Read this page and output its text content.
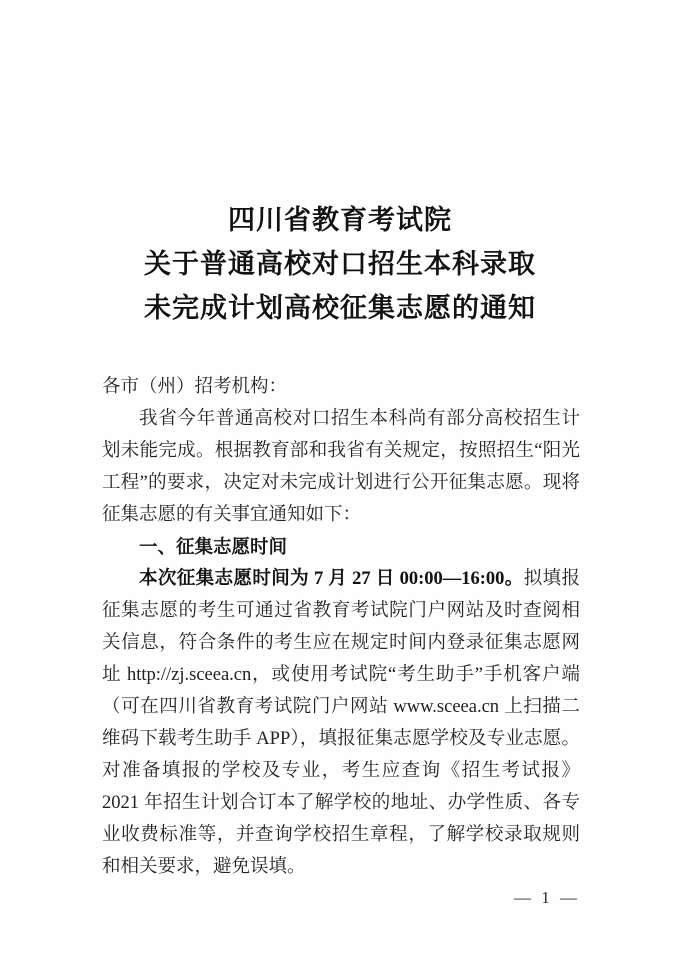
四川省教育考试院
关于普通高校对口招生本科录取
未完成计划高校征集志愿的通知

各市（州）招考机构：

我省今年普通高校对口招生本科尚有部分高校招生计划未能完成。根据教育部和我省有关规定，按照招生“阳光工程”的要求，决定对未完成计划进行公开征集志愿。现将征集志愿的有关事宜通知如下：

一、征集志愿时间

本次征集志愿时间为 7 月 27 日 00:00—16:00。拟填报征集志愿的考生可通过省教育考试院门户网站及时查阅相关信息，符合条件的考生应在规定时间内登录征集志愿网址 http://zj.sceea.cn，或使用考试院“考生助手”手机客户端（可在四川省教育考试院门户网站 www.sceea.cn 上扫描二维码下载考生助手 APP），填报征集志愿学校及专业志愿。对准备填报的学校及专业，考生应查询《招生考试报》2021 年招生计划合订本了解学校的地址、办学性质、各专业收费标准等，并查询学校招生章程，了解学校录取规则和相关要求，避免误填。

— 1 —
